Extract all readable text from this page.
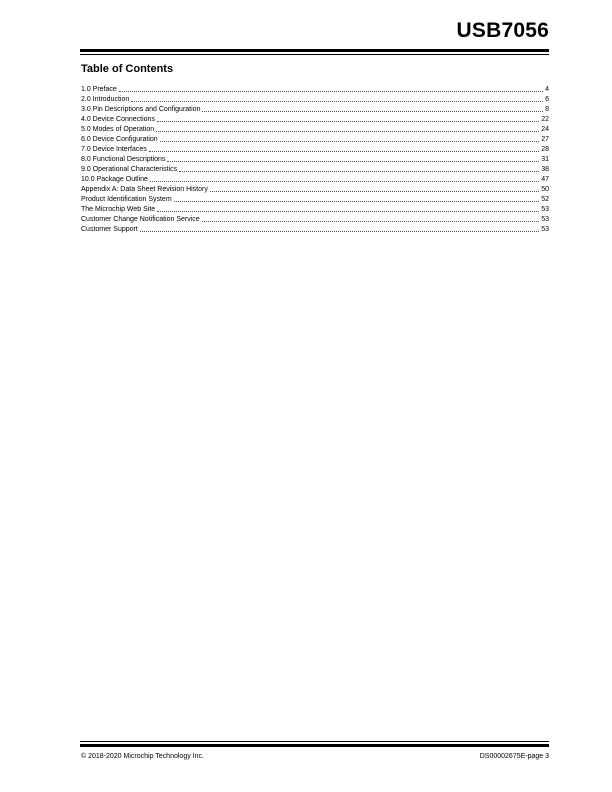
USB7056
Table of Contents
1.0 Preface	4
2.0 Introduction	6
3.0 Pin Descriptions and Configuration	8
4.0 Device Connections	22
5.0 Modes of Operation	24
6.0 Device Configuration	27
7.0 Device Interfaces	28
8.0 Functional Descriptions	31
9.0 Operational Characteristics	38
10.0 Package Outline	47
Appendix A: Data Sheet Revision History	50
Product Identification System	52
The Microchip Web Site	53
Customer Change Notification Service	53
Customer Support	53
© 2018-2020 Microchip Technology Inc.	DS00002675E-page 3
